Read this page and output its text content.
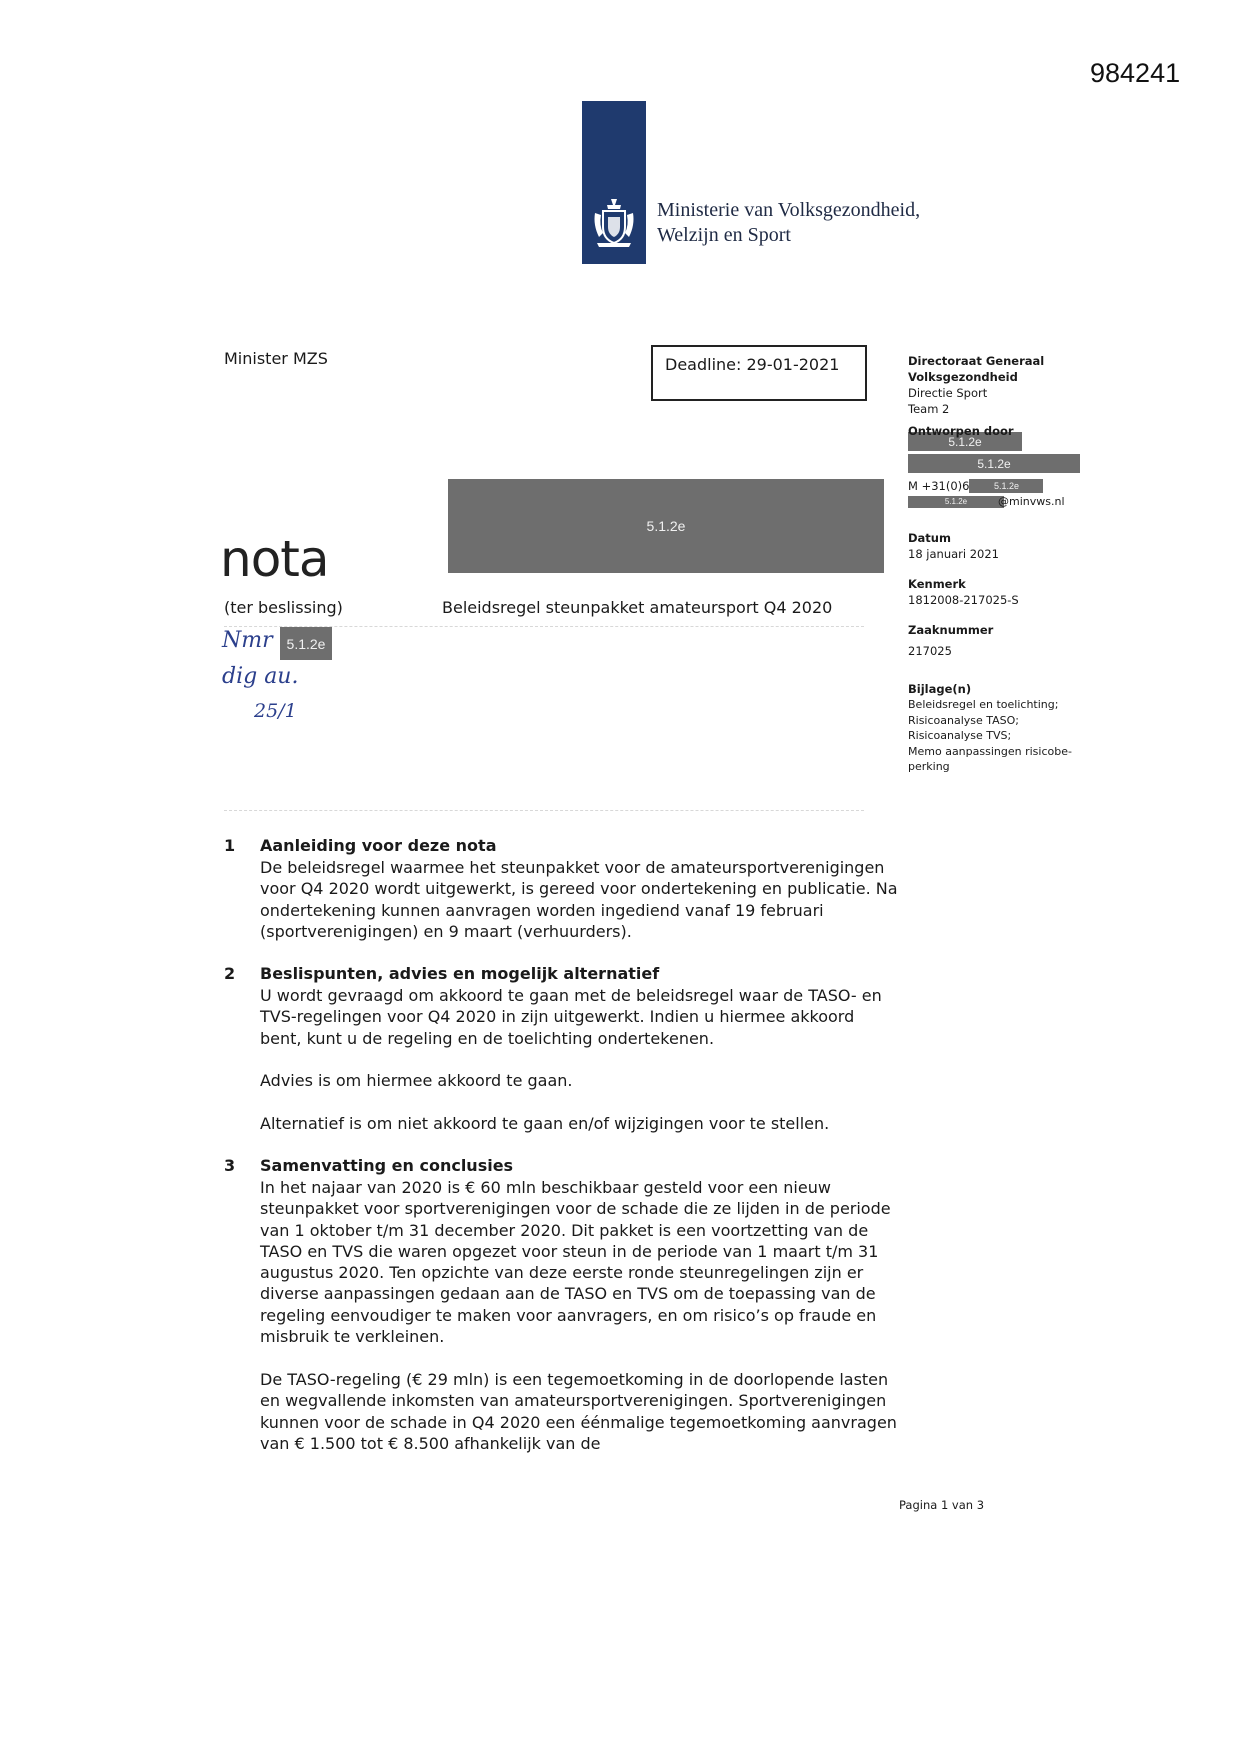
984241
Ministerie van Volksgezondheid,
Welzijn en Sport
Minister MZS	Deadline: 29-01-2021
5.1.2e
nota
(ter beslissing)	Beleidsregel steunpakket amateursport Q4 2020
Nmr 5.1.2e
dig au.
25/1
Directoraat Generaal
Volksgezondheid
Directie Sport
Team 2
Ontworpen door
5.1.2e
5.1.2e
M +31(0)6	5.1.2e
5.1.2e	@minvws.nl
Datum
18 januari 2021
Kenmerk
1812008-217025-S
Zaaknummer
217025
Bijlage(n)
Beleidsregel en toelichting;
Risicoanalyse TASO;
Risicoanalyse TVS;
Memo aanpassingen risicobe-
perking
1 Aanleiding voor deze nota

De beleidsregel waarmee het steunpakket voor de amateursportverenigingen voor Q4 2020 wordt uitgewerkt, is gereed voor ondertekening en publicatie. Na ondertekening kunnen aanvragen worden ingediend vanaf 19 februari (sportverenigingen) en 9 maart (verhuurders).

2 Beslispunten, advies en mogelijk alternatief

U wordt gevraagd om akkoord te gaan met de beleidsregel waar de TASO- en TVS-regelingen voor Q4 2020 in zijn uitgewerkt. Indien u hiermee akkoord bent, kunt u de regeling en de toelichting ondertekenen.

Advies is om hiermee akkoord te gaan.

Alternatief is om niet akkoord te gaan en/of wijzigingen voor te stellen.

3 Samenvatting en conclusies

In het najaar van 2020 is € 60 mln beschikbaar gesteld voor een nieuw steunpakket voor sportverenigingen voor de schade die ze lijden in de periode van 1 oktober t/m 31 december 2020. Dit pakket is een voortzetting van de TASO en TVS die waren opgezet voor steun in de periode van 1 maart t/m 31 augustus 2020. Ten opzichte van deze eerste ronde steunregelingen zijn er diverse aanpassingen gedaan aan de TASO en TVS om de toepassing van de regeling eenvoudiger te maken voor aanvragers, en om risico’s op fraude en misbruik te verkleinen.

De TASO-regeling (€ 29 mln) is een tegemoetkoming in de doorlopende lasten en wegvallende inkomsten van amateursportverenigingen. Sportverenigingen kunnen voor de schade in Q4 2020 een éénmalige tegemoetkoming aanvragen van € 1.500 tot € 8.500 afhankelijk van de

Pagina 1 van 3
